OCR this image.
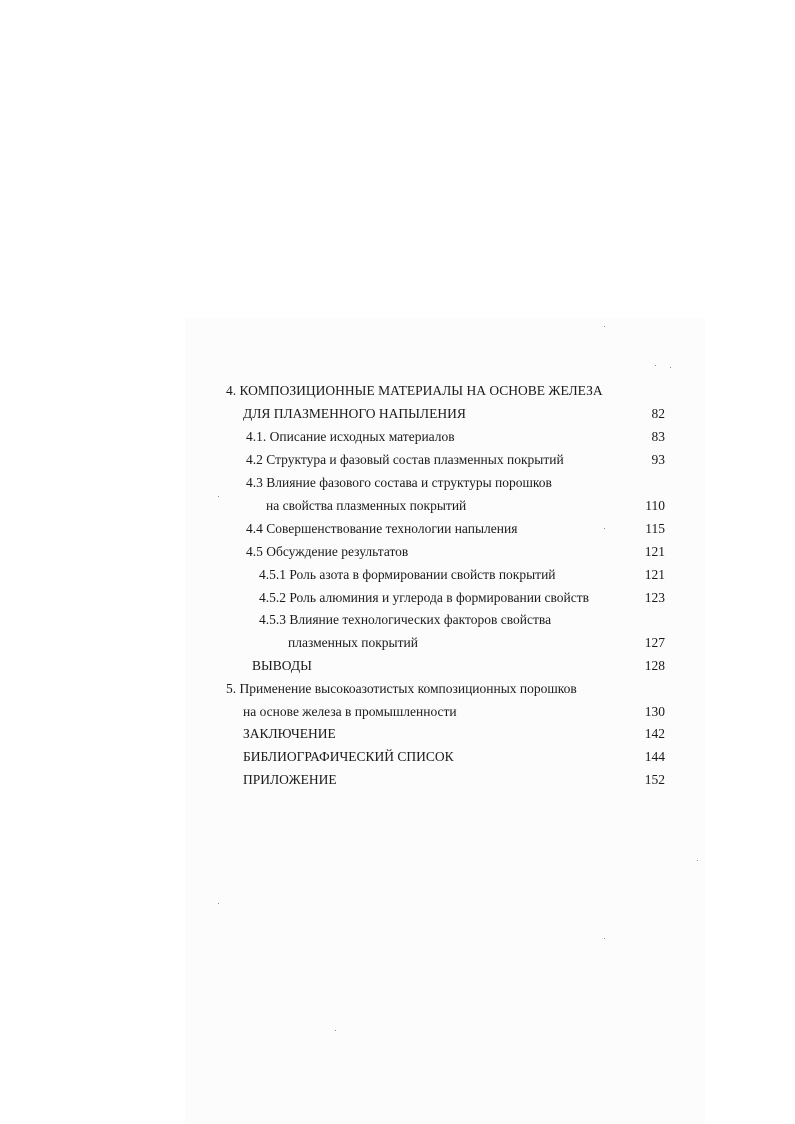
4. КОМПОЗИЦИОННЫЕ МАТЕРИАЛЫ НА ОСНОВЕ ЖЕЛЕЗА
ДЛЯ ПЛАЗМЕННОГО НАПЫЛЕНИЯ	82
4.1. Описание исходных материалов	83
4.2 Структура и фазовый состав плазменных покрытий	93
4.3 Влияние фазового состава и структуры порошков
на свойства плазменных покрытий	110
4.4 Совершенствование технологии напыления	115
4.5 Обсуждение результатов	121
4.5.1 Роль азота в формировании свойств покрытий	121
4.5.2 Роль алюминия и углерода в формировании свойств	123
4.5.3 Влияние технологических факторов свойства
плазменных покрытий	127
ВЫВОДЫ	128
5. Применение высокоазотистых композиционных порошков
на основе железа в промышленности	130
ЗАКЛЮЧЕНИЕ	142
БИБЛИОГРАФИЧЕСКИЙ СПИСОК	144
ПРИЛОЖЕНИЕ	152
